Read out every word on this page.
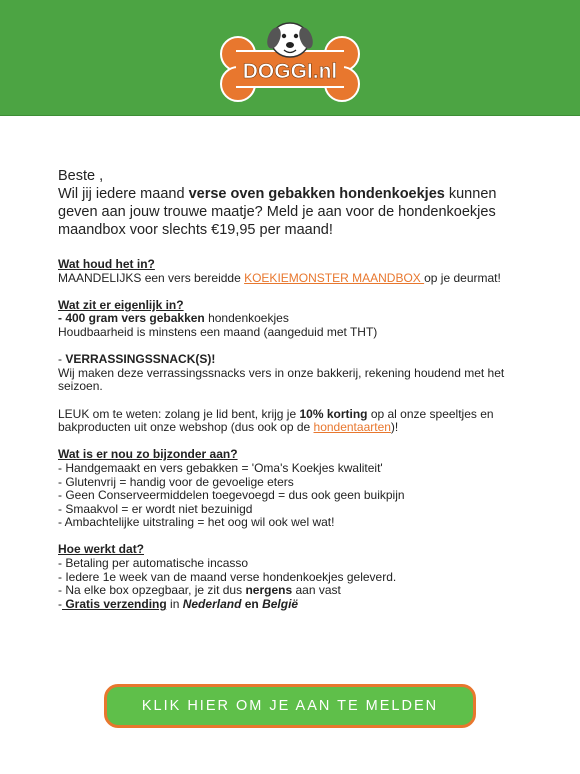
DOGGI.nl
Beste ,
Wil jij iedere maand verse oven gebakken hondenkoekjes kunnen geven aan jouw trouwe maatje? Meld je aan voor de hondenkoekjes maandbox voor slechts €19,95 per maand!

Wat houd het in?

MAANDELIJKS een vers bereidde KOEKIEMONSTER MAANDBOX op je deurmat!

Wat zit er eigenlijk in?

- 400 gram vers gebakken hondenkoekjes

Houdbaarheid is minstens een maand (aangeduid met THT)

- VERRASSINGSSNACK(S)!

Wij maken deze verrassingssnacks vers in onze bakkerij, rekening houdend met het seizoen.

LEUK om te weten: zolang je lid bent, krijg je 10% korting op al onze speeltjes en bakproducten uit onze webshop (dus ook op de hondentaarten)!

Wat is er nou zo bijzonder aan?

- Handgemaakt en vers gebakken = 'Oma's Koekjes kwaliteit'

- Glutenvrij = handig voor de gevoelige eters

- Geen Conserveermiddelen toegevoegd = dus ook geen buikpijn

- Smaakvol = er wordt niet bezuinigd

- Ambachtelijke uitstraling = het oog wil ook wel wat!

Hoe werkt dat?

- Betaling per automatische incasso

- Iedere 1e week van de maand verse hondenkoekjes geleverd.

- Na elke box opzegbaar, je zit dus nergens aan vast

- Gratis verzending in Nederland en België

KLIK HIER OM JE AAN TE MELDEN
